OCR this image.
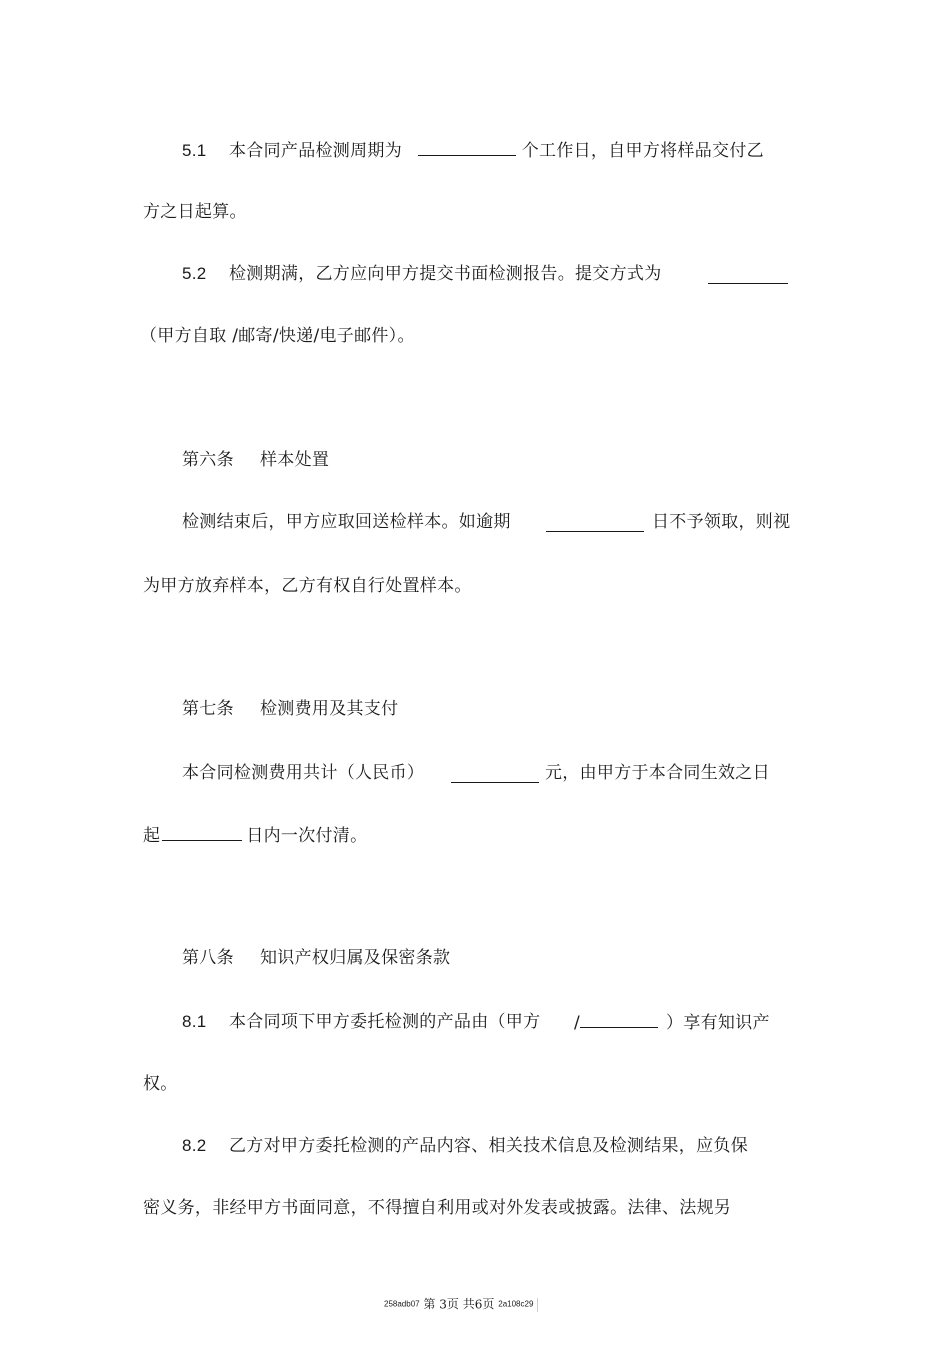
5.1 本合同产品检测周期为	个工作日，自甲方将样品交付乙
方之日起算。
5.2 检测期满，乙方应向甲方提交书面检测报告。提交方式为
（甲方自取 /邮寄/快递/电子邮件）。
第六条 样本处置
检测结束后，甲方应取回送检样本。如逾期	日不予领取，则视
为甲方放弃样本，乙方有权自行处置样本。
第七条 检测费用及其支付
本合同检测费用共计（人民币）	元，由甲方于本合同生效之日
起	日内一次付清。
第八条 知识产权归属及保密条款
8.1 本合同项下甲方委托检测的产品由（甲方 /	）享有知识产
权。
8.2 乙方对甲方委托检测的产品内容、相关技术信息及检测结果，应负保
密义务，非经甲方书面同意，不得擅自利用或对外发表或披露。法律、法规另
258adb07 第 3页 共6页 2a108c29
